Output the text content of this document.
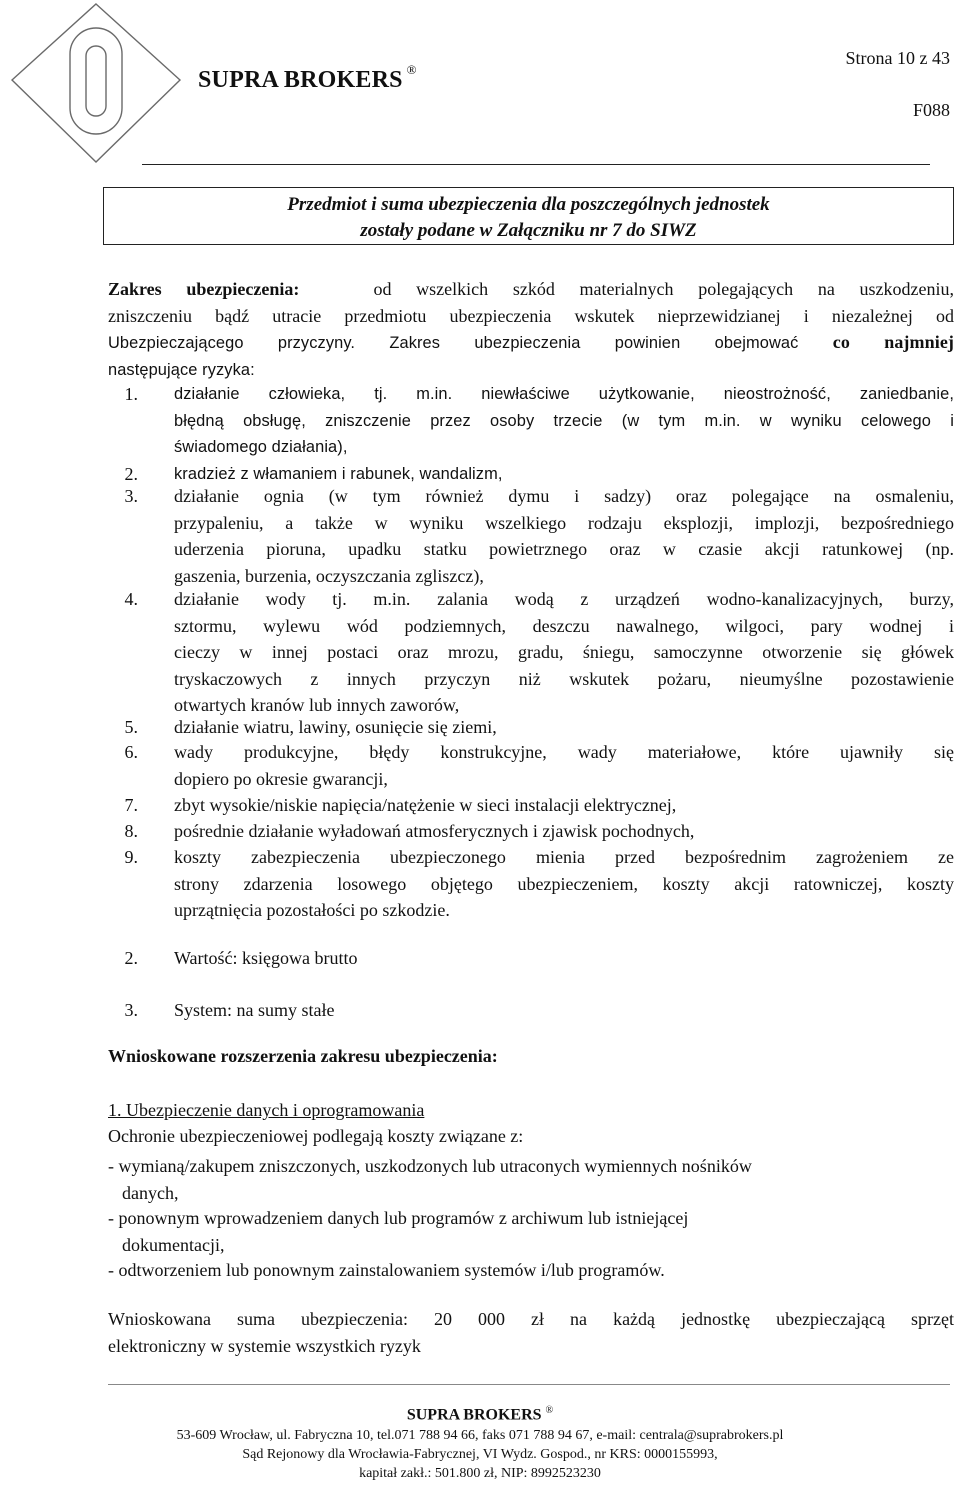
SUPRA BROKERS ®
Strona 10 z 43
F088
Przedmiot i suma ubezpieczenia dla poszczególnych jednostek
zostały podane w Załączniku nr 7 do SIWZ
Zakres ubezpieczenia:	od wszelkich szkód materialnych polegających na uszkodzeniu,
zniszczeniu bądź utracie przedmiotu ubezpieczenia wskutek nieprzewidzianej i niezależnej od
Ubezpieczającego przyczyny. Zakres ubezpieczenia powinien obejmować co najmniej
następujące ryzyka:
1. działanie człowieka, tj. m.in. niewłaściwe użytkowanie, nieostrożność, zaniedbanie,
błędną obsługę, zniszczenie przez osoby trzecie (w tym m.in. w wyniku celowego i
świadomego działania),
2. kradzież z włamaniem i rabunek, wandalizm,
3. działanie ognia (w tym również dymu i sadzy) oraz polegające na osmaleniu,
przypaleniu, a także w wyniku wszelkiego rodzaju eksplozji, implozji, bezpośredniego
uderzenia pioruna, upadku statku powietrznego oraz w czasie akcji ratunkowej (np.
gaszenia, burzenia, oczyszczania zgliszcz),
4. działanie wody tj. m.in. zalania wodą z urządzeń wodno-kanalizacyjnych, burzy,
sztormu, wylewu wód podziemnych, deszczu nawalnego, wilgoci, pary wodnej i
cieczy w innej postaci oraz mrozu, gradu, śniegu, samoczynne otworzenie się główek
tryskaczowych z innych przyczyn niż wskutek pożaru, nieumyślne pozostawienie
otwartych kranów lub innych zaworów,
5. działanie wiatru, lawiny, osunięcie się ziemi,
6. wady produkcyjne, błędy konstrukcyjne, wady materiałowe, które ujawniły się
dopiero po okresie gwarancji,
7. zbyt wysokie/niskie napięcia/natężenie w sieci instalacji elektrycznej,
8. pośrednie działanie wyładowań atmosferycznych i zjawisk pochodnych,
9. koszty zabezpieczenia ubezpieczonego mienia przed bezpośrednim zagrożeniem ze
strony zdarzenia losowego objętego ubezpieczeniem, koszty akcji ratowniczej, koszty
uprzątnięcia pozostałości po szkodzie.
2. Wartość: księgowa brutto
3. System: na sumy stałe
Wnioskowane rozszerzenia zakresu ubezpieczenia:
1. Ubezpieczenie danych i oprogramowania
Ochronie ubezpieczeniowej podlegają koszty związane z:
- wymianą/zakupem zniszczonych, uszkodzonych lub utraconych wymiennych nośników
danych,
- ponownym wprowadzeniem danych lub programów z archiwum lub istniejącej
dokumentacji,
- odtworzeniem lub ponownym zainstalowaniem systemów i/lub programów.
Wnioskowana suma ubezpieczenia: 20 000 zł na każdą jednostkę ubezpieczającą sprzęt
elektroniczny w systemie wszystkich ryzyk
SUPRA BROKERS ®
53-609 Wrocław, ul. Fabryczna 10, tel.071 788 94 66, faks 071 788 94 67, e-mail: centrala@suprabrokers.pl
Sąd Rejonowy dla Wrocławia-Fabrycznej, VI Wydz. Gospod., nr KRS: 0000155993,
kapitał zakł.: 501.800 zł, NIP: 8992523230
